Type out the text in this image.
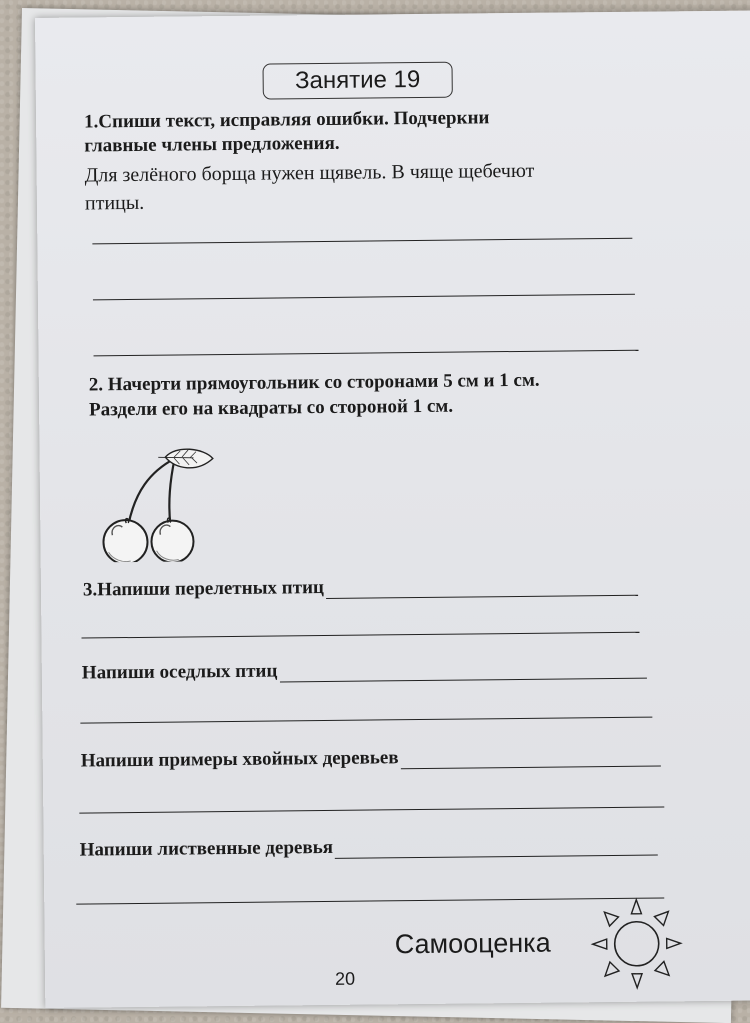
Занятие 19
1.Спиши текст, исправляя ошибки. Подчеркни
главные члены предложения.
Для зелёного борща нужен щявель. В чяще щебечют
птицы.
2. Начерти прямоугольник со сторонами 5 см и 1 см.
Раздели его на квадраты со стороной 1 см.
3.Напиши перелетных птиц
Напиши оседлых птиц
Напиши примеры хвойных деревьев
Напиши лиственные деревья
Самооценка
20
